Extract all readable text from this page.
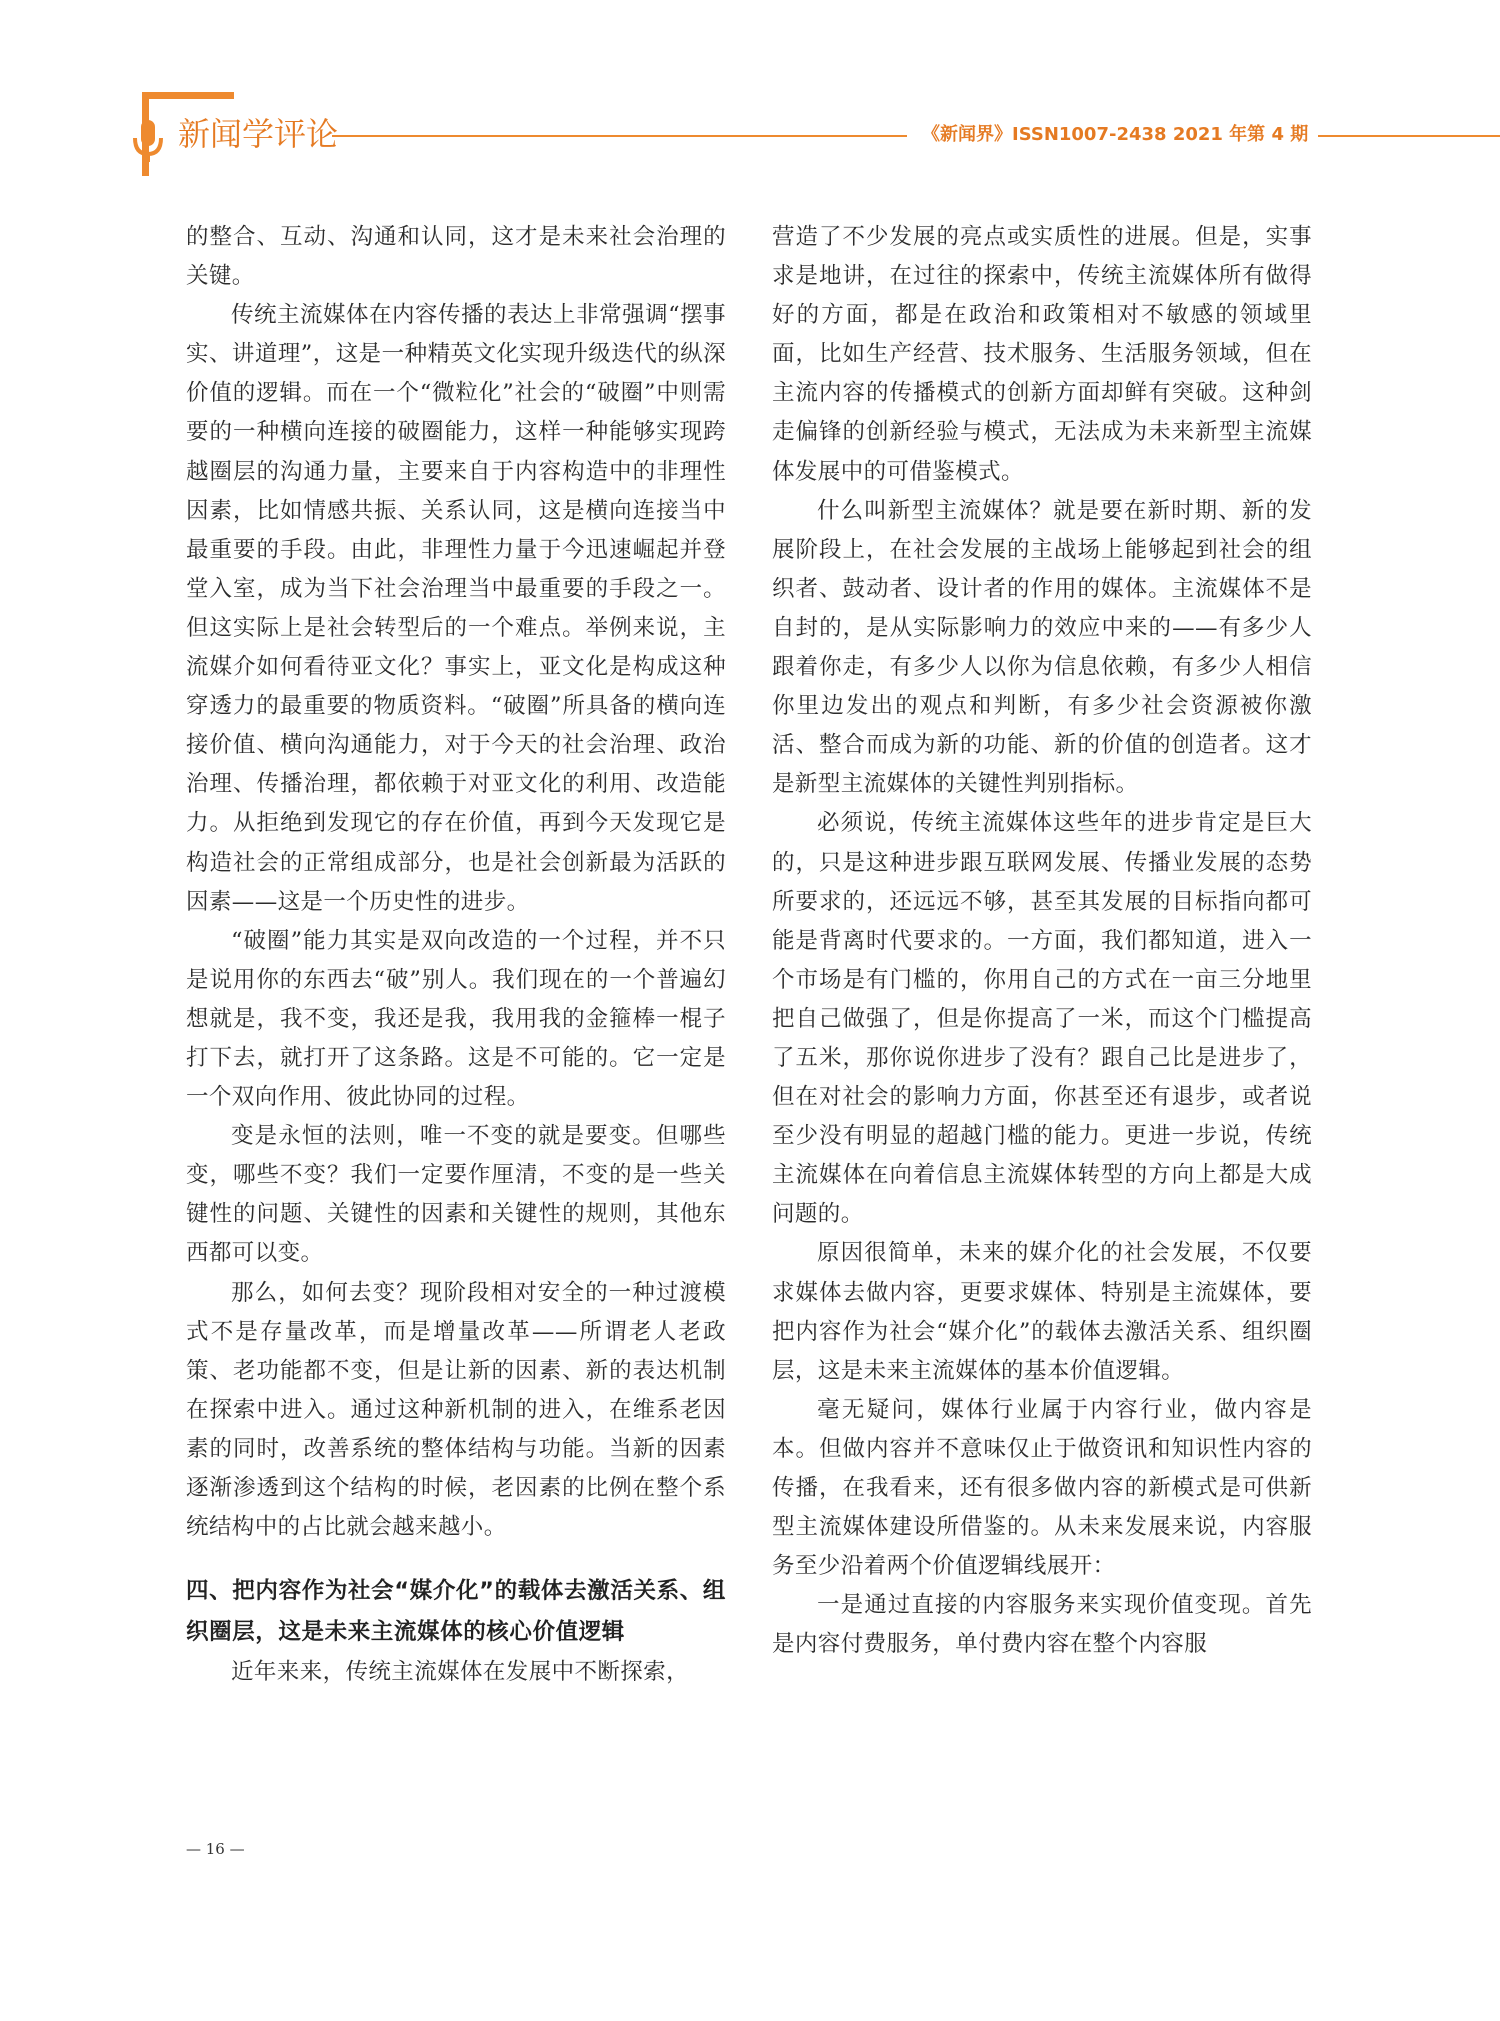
新闻学评论	《新闻界》ISSN1007-2438 2021 年第 4 期

的整合、互动、沟通和认同，这才是未来社会治理的关键。

传统主流媒体在内容传播的表达上非常强调“摆事实、讲道理”，这是一种精英文化实现升级迭代的纵深价值的逻辑。而在一个“微粒化”社会的“破圈”中则需要的一种横向连接的破圈能力，这样一种能够实现跨越圈层的沟通力量，主要来自于内容构造中的非理性因素，比如情感共振、关系认同，这是横向连接当中最重要的手段。由此，非理性力量于今迅速崛起并登堂入室，成为当下社会治理当中最重要的手段之一。但这实际上是社会转型后的一个难点。举例来说，主流媒介如何看待亚文化？事实上，亚文化是构成这种穿透力的最重要的物质资料。“破圈”所具备的横向连接价值、横向沟通能力，对于今天的社会治理、政治治理、传播治理，都依赖于对亚文化的利用、改造能力。从拒绝到发现它的存在价值，再到今天发现它是构造社会的正常组成部分，也是社会创新最为活跃的因素——这是一个历史性的进步。

“破圈”能力其实是双向改造的一个过程，并不只是说用你的东西去“破”别人。我们现在的一个普遍幻想就是，我不变，我还是我，我用我的金箍棒一棍子打下去，就打开了这条路。这是不可能的。它一定是一个双向作用、彼此协同的过程。

变是永恒的法则，唯一不变的就是要变。但哪些变，哪些不变？我们一定要作厘清，不变的是一些关键性的问题、关键性的因素和关键性的规则，其他东西都可以变。

那么，如何去变？现阶段相对安全的一种过渡模式不是存量改革，而是增量改革——所谓老人老政策、老功能都不变，但是让新的因素、新的表达机制在探索中进入。通过这种新机制的进入，在维系老因素的同时，改善系统的整体结构与功能。当新的因素逐渐渗透到这个结构的时候，老因素的比例在整个系统结构中的占比就会越来越小。

四、把内容作为社会“媒介化”的载体去激活关系、组织圈层，这是未来主流媒体的核心价值逻辑

近年来来，传统主流媒体在发展中不断探索，

营造了不少发展的亮点或实质性的进展。但是，实事求是地讲，在过往的探索中，传统主流媒体所有做得好的方面，都是在政治和政策相对不敏感的领域里面，比如生产经营、技术服务、生活服务领域，但在主流内容的传播模式的创新方面却鲜有突破。这种剑走偏锋的创新经验与模式，无法成为未来新型主流媒体发展中的可借鉴模式。

什么叫新型主流媒体？就是要在新时期、新的发展阶段上，在社会发展的主战场上能够起到社会的组织者、鼓动者、设计者的作用的媒体。主流媒体不是自封的，是从实际影响力的效应中来的——有多少人跟着你走，有多少人以你为信息依赖，有多少人相信你里边发出的观点和判断，有多少社会资源被你激活、整合而成为新的功能、新的价值的创造者。这才是新型主流媒体的关键性判别指标。

必须说，传统主流媒体这些年的进步肯定是巨大的，只是这种进步跟互联网发展、传播业发展的态势所要求的，还远远不够，甚至其发展的目标指向都可能是背离时代要求的。一方面，我们都知道，进入一个市场是有门槛的，你用自己的方式在一亩三分地里把自己做强了，但是你提高了一米，而这个门槛提高了五米，那你说你进步了没有？跟自己比是进步了，但在对社会的影响力方面，你甚至还有退步，或者说至少没有明显的超越门槛的能力。更进一步说，传统主流媒体在向着信息主流媒体转型的方向上都是大成问题的。

原因很简单，未来的媒介化的社会发展，不仅要求媒体去做内容，更要求媒体、特别是主流媒体，要把内容作为社会“媒介化”的载体去激活关系、组织圈层，这是未来主流媒体的基本价值逻辑。

毫无疑问，媒体行业属于内容行业，做内容是本。但做内容并不意味仅止于做资讯和知识性内容的传播，在我看来，还有很多做内容的新模式是可供新型主流媒体建设所借鉴的。从未来发展来说，内容服务至少沿着两个价值逻辑线展开：

一是通过直接的内容服务来实现价值变现。首先是内容付费服务，单付费内容在整个内容服

— 16 —
